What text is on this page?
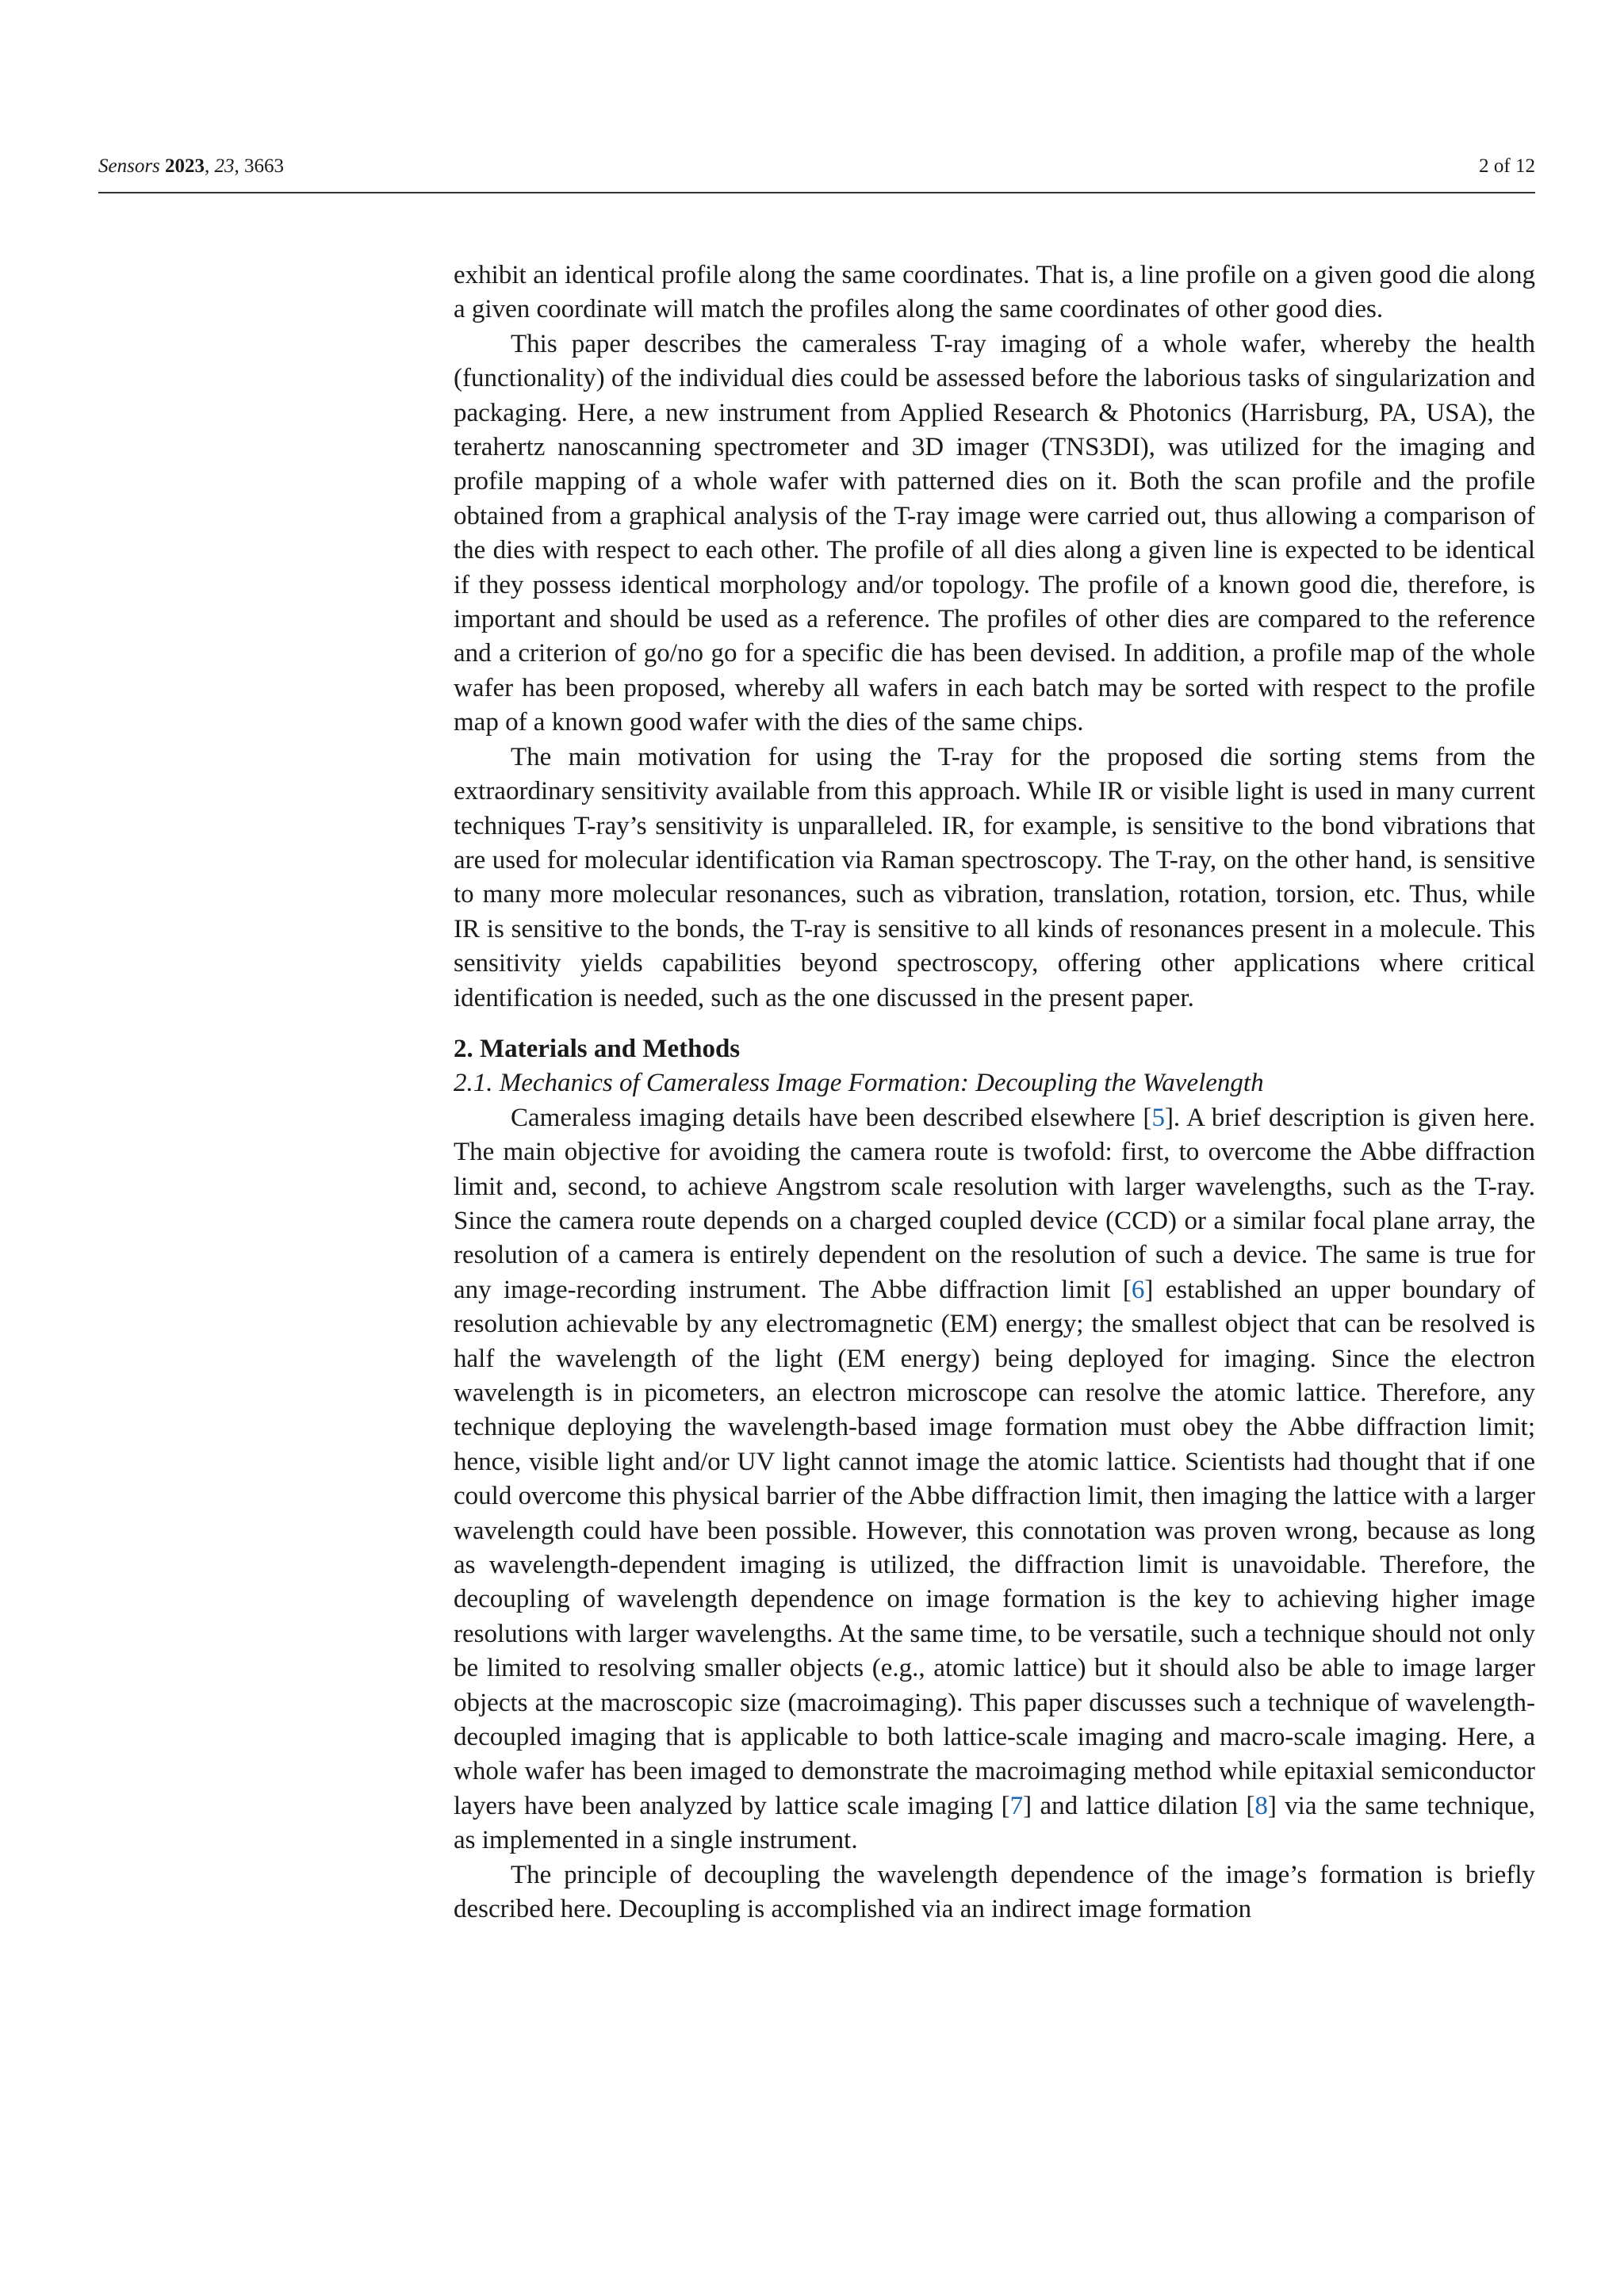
Sensors 2023, 23, 3663	2 of 12

exhibit an identical profile along the same coordinates. That is, a line profile on a given good die along a given coordinate will match the profiles along the same coordinates of other good dies.

This paper describes the cameraless T-ray imaging of a whole wafer, whereby the health (functionality) of the individual dies could be assessed before the laborious tasks of singularization and packaging. Here, a new instrument from Applied Research & Photonics (Harrisburg, PA, USA), the terahertz nanoscanning spectrometer and 3D imager (TNS3DI), was utilized for the imaging and profile mapping of a whole wafer with patterned dies on it. Both the scan profile and the profile obtained from a graphical analysis of the T-ray image were carried out, thus allowing a comparison of the dies with respect to each other. The profile of all dies along a given line is expected to be identical if they possess identical morphology and/or topology. The profile of a known good die, therefore, is important and should be used as a reference. The profiles of other dies are compared to the reference and a criterion of go/no go for a specific die has been devised. In addition, a profile map of the whole wafer has been proposed, whereby all wafers in each batch may be sorted with respect to the profile map of a known good wafer with the dies of the same chips.

The main motivation for using the T-ray for the proposed die sorting stems from the extraordinary sensitivity available from this approach. While IR or visible light is used in many current techniques T-ray’s sensitivity is unparalleled. IR, for example, is sensitive to the bond vibrations that are used for molecular identification via Raman spectroscopy. The T-ray, on the other hand, is sensitive to many more molecular resonances, such as vibration, translation, rotation, torsion, etc. Thus, while IR is sensitive to the bonds, the T-ray is sensitive to all kinds of resonances present in a molecule. This sensitivity yields capabilities beyond spectroscopy, offering other applications where critical identification is needed, such as the one discussed in the present paper.

2. Materials and Methods
2.1. Mechanics of Cameraless Image Formation: Decoupling the Wavelength

Cameraless imaging details have been described elsewhere [5]. A brief description is given here. The main objective for avoiding the camera route is twofold: first, to overcome the Abbe diffraction limit and, second, to achieve Angstrom scale resolution with larger wavelengths, such as the T-ray. Since the camera route depends on a charged coupled device (CCD) or a similar focal plane array, the resolution of a camera is entirely dependent on the resolution of such a device. The same is true for any image-recording instrument. The Abbe diffraction limit [6] established an upper boundary of resolution achievable by any electromagnetic (EM) energy; the smallest object that can be resolved is half the wavelength of the light (EM energy) being deployed for imaging. Since the electron wavelength is in picometers, an electron microscope can resolve the atomic lattice. Therefore, any technique deploying the wavelength-based image formation must obey the Abbe diffraction limit; hence, visible light and/or UV light cannot image the atomic lattice. Scientists had thought that if one could overcome this physical barrier of the Abbe diffraction limit, then imaging the lattice with a larger wavelength could have been possible. However, this connotation was proven wrong, because as long as wavelength-dependent imaging is utilized, the diffraction limit is unavoidable. Therefore, the decoupling of wavelength dependence on image formation is the key to achieving higher image resolutions with larger wavelengths. At the same time, to be versatile, such a technique should not only be limited to resolving smaller objects (e.g., atomic lattice) but it should also be able to image larger objects at the macroscopic size (macroimaging). This paper discusses such a technique of wavelength-decoupled imaging that is applicable to both lattice-scale imaging and macro-scale imaging. Here, a whole wafer has been imaged to demonstrate the macroimaging method while epitaxial semiconductor layers have been analyzed by lattice scale imaging [7] and lattice dilation [8] via the same technique, as implemented in a single instrument.

The principle of decoupling the wavelength dependence of the image’s formation is briefly described here. Decoupling is accomplished via an indirect image formation
